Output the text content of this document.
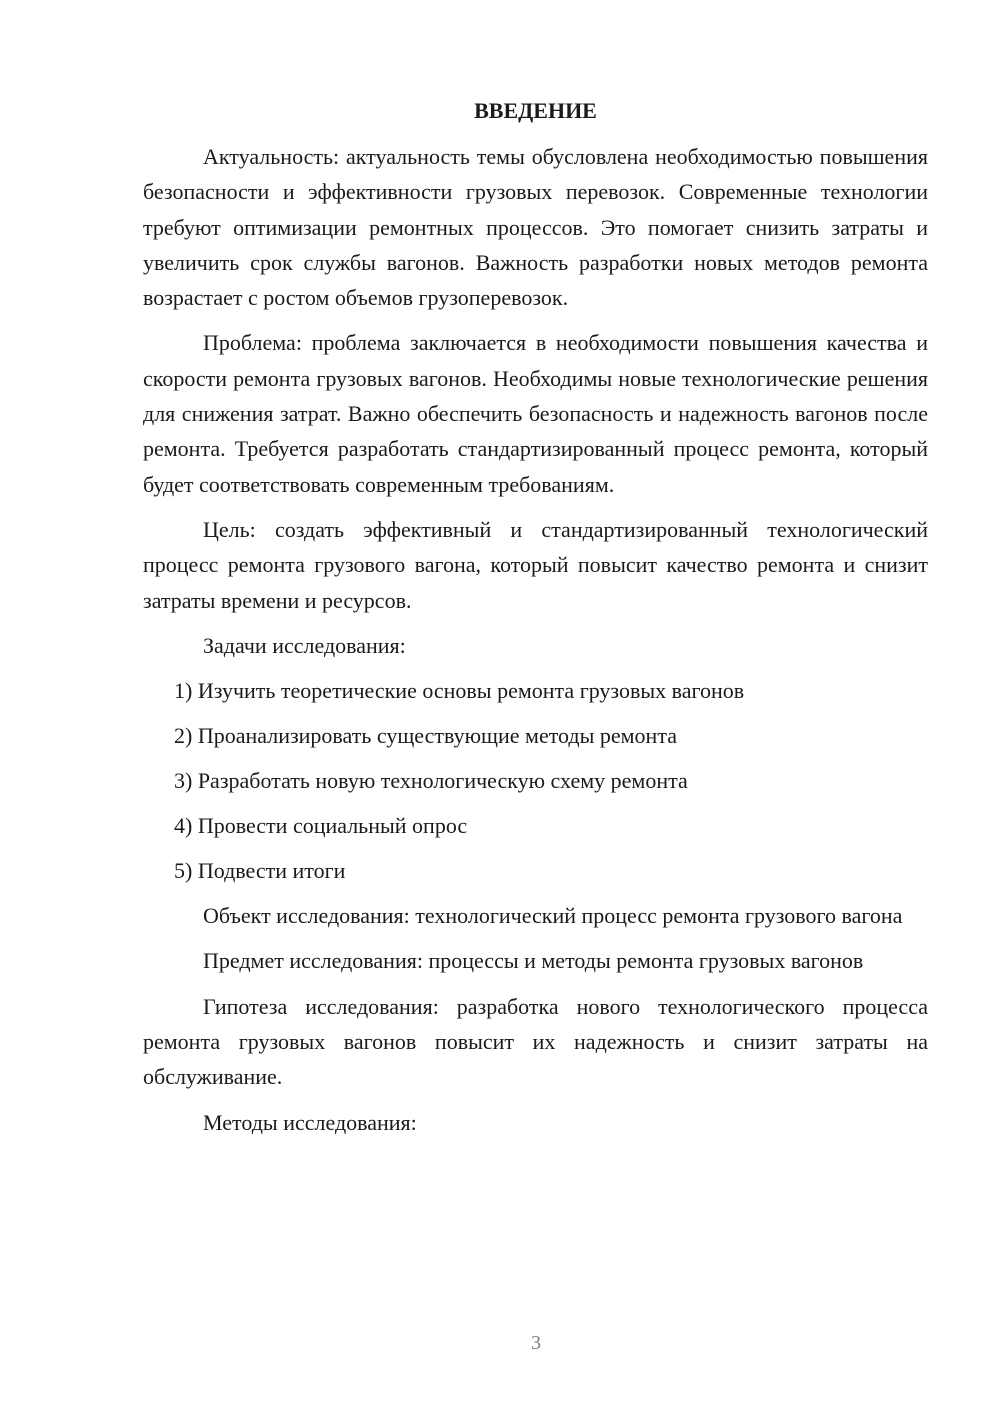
ВВЕДЕНИЕ

Актуальность: актуальность темы обусловлена необходимостью повышения безопасности и эффективности грузовых перевозок. Современные технологии требуют оптимизации ремонтных процессов. Это помогает снизить затраты и увеличить срок службы вагонов. Важность разработки новых методов ремонта возрастает с ростом объемов грузоперевозок.

Проблема: проблема заключается в необходимости повышения качества и скорости ремонта грузовых вагонов. Необходимы новые технологические решения для снижения затрат. Важно обеспечить безопасность и надежность вагонов после ремонта. Требуется разработать стандартизированный процесс ремонта, который будет соответствовать современным требованиям.

Цель: создать эффективный и стандартизированный технологический процесс ремонта грузового вагона, который повысит качество ремонта и снизит затраты времени и ресурсов.

Задачи исследования:

1) Изучить теоретические основы ремонта грузовых вагонов

2) Проанализировать существующие методы ремонта

3) Разработать новую технологическую схему ремонта

4) Провести социальный опрос

5) Подвести итоги

Объект исследования: технологический процесс ремонта грузового вагона

Предмет исследования: процессы и методы ремонта грузовых вагонов

Гипотеза исследования: разработка нового технологического процесса ремонта грузовых вагонов повысит их надежность и снизит затраты на обслуживание.

Методы исследования:

3
